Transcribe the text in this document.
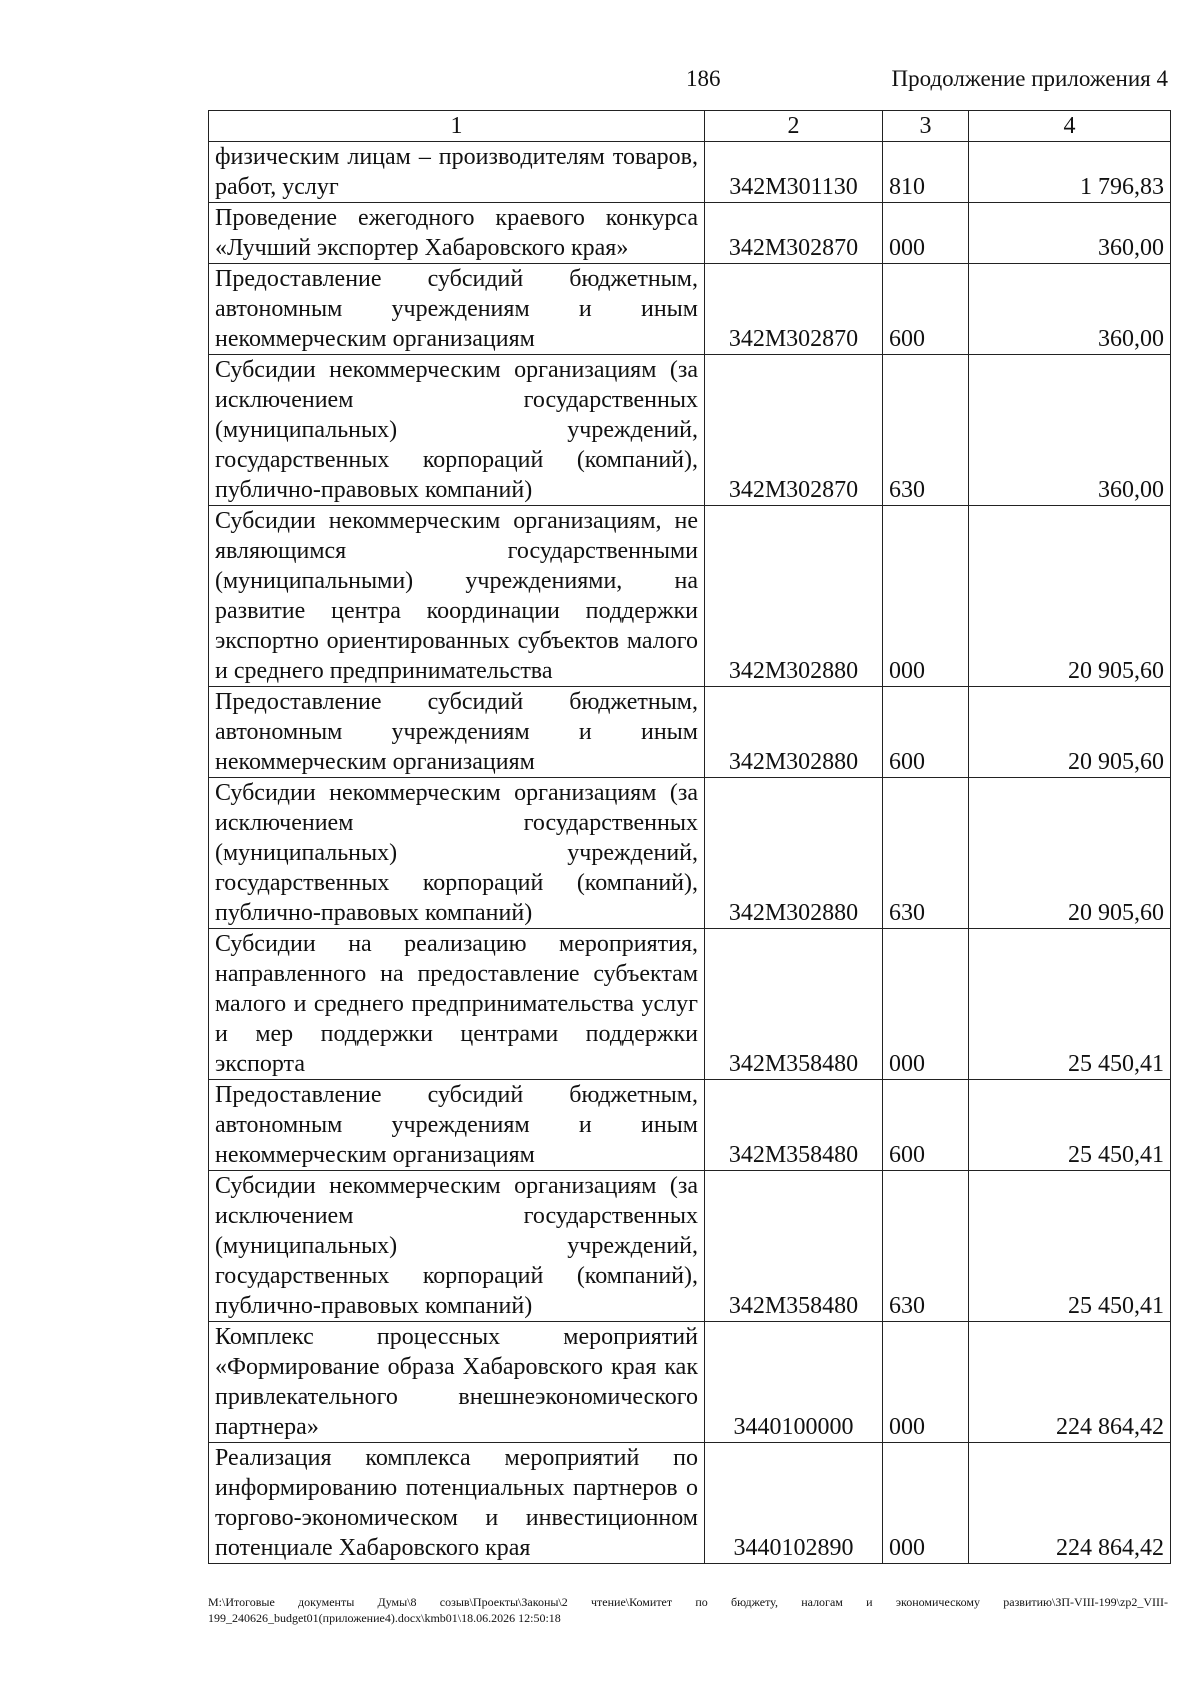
186	Продолжение приложения 4
1	2	3	4
физическим лицам – производителям товаров, работ, услуг	342M301130	810	1 796,83
Проведение ежегодного краевого конкурса «Лучший экспортер Хабаровского края»	342M302870	000	360,00
Предоставление субсидий бюджетным, автономным учреждениям и иным некоммерческим организациям	342M302870	600	360,00
Субсидии некоммерческим организациям (за исключением государственных (муниципальных) учреждений, государственных корпораций (компаний), публично-правовых компаний)	342M302870	630	360,00
Субсидии некоммерческим организациям, не являющимся государственными (муниципальными) учреждениями, на развитие центра координации поддержки экспортно ориентированных субъектов малого и среднего предпринимательства	342M302880	000	20 905,60
Предоставление субсидий бюджетным, автономным учреждениям и иным некоммерческим организациям	342M302880	600	20 905,60
Субсидии некоммерческим организациям (за исключением государственных (муниципальных) учреждений, государственных корпораций (компаний), публично-правовых компаний)	342M302880	630	20 905,60
Субсидии на реализацию мероприятия, направленного на предоставление субъектам малого и среднего предпринимательства услуг и мер поддержки центрами поддержки экспорта	342M358480	000	25 450,41
Предоставление субсидий бюджетным, автономным учреждениям и иным некоммерческим организациям	342M358480	600	25 450,41
Субсидии некоммерческим организациям (за исключением государственных (муниципальных) учреждений, государственных корпораций (компаний), публично-правовых компаний)	342M358480	630	25 450,41
Комплекс процессных мероприятий «Формирование образа Хабаровского края как привлекательного внешнеэкономического партнера»	3440100000	000	224 864,42
Реализация комплекса мероприятий по информированию потенциальных партнеров о торгово-экономическом и инвестиционном потенциале Хабаровского края	3440102890	000	224 864,42
M:\Итоговые документы Думы\8 созыв\Проекты\Законы\2 чтение\Комитет по бюджету, налогам и экономическому развитию\ЗП-VIII-199\zp2_VIII-199_240626_budget01(приложение4).docx\kmb01\18.06.2026 12:50:18
